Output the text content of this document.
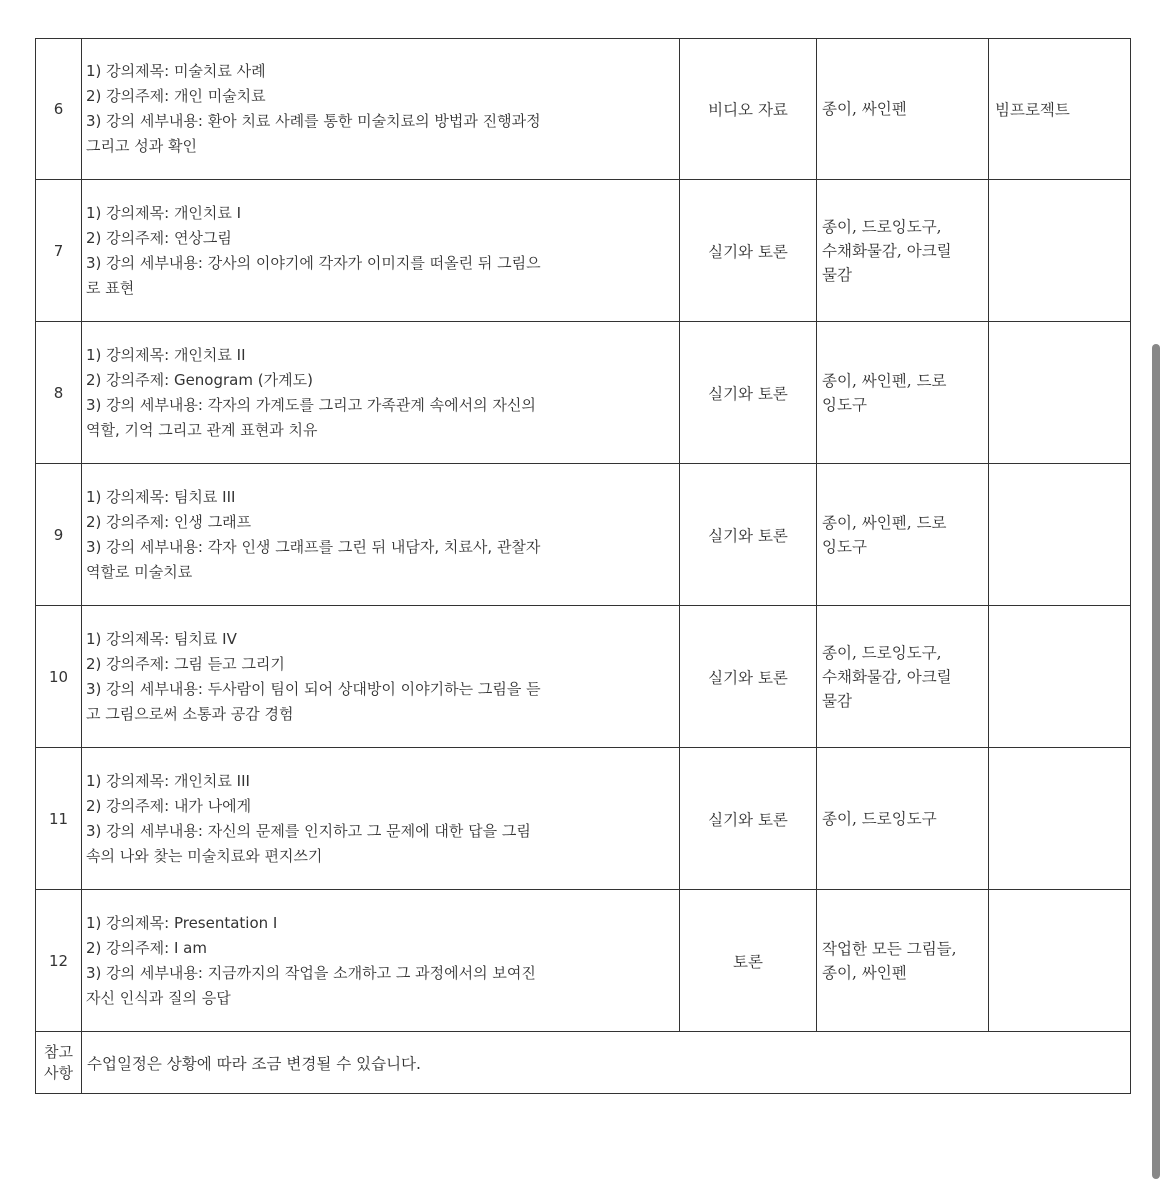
6	1) 강의제목: 미술치료 사례
2) 강의주제: 개인 미술치료
3) 강의 세부내용: 환아 치료 사례를 통한 미술치료의 방법과 진행과정
그리고 성과 확인	비디오 자료	종이, 싸인펜	빔프로젝트
7	1) 강의제목: 개인치료 I
2) 강의주제: 연상그림
3) 강의 세부내용: 강사의 이야기에 각자가 이미지를 떠올린 뒤 그림으
로 표현	실기와 토론	종이, 드로잉도구,
수채화물감, 아크릴
물감	

8	1) 강의제목: 개인치료 II
2) 강의주제: Genogram (가계도)
3) 강의 세부내용: 각자의 가계도를 그리고 가족관계 속에서의 자신의
역할, 기억 그리고 관계 표현과 치유	실기와 토론	종이, 싸인펜, 드로
잉도구	

9	1) 강의제목: 팀치료 III
2) 강의주제: 인생 그래프
3) 강의 세부내용: 각자 인생 그래프를 그린 뒤 내담자, 치료사, 관찰자
역할로 미술치료	실기와 토론	종이, 싸인펜, 드로
잉도구	

10	1) 강의제목: 팀치료 IV
2) 강의주제: 그림 듣고 그리기
3) 강의 세부내용: 두사람이 팀이 되어 상대방이 이야기하는 그림을 듣
고 그림으로써 소통과 공감 경험	실기와 토론	종이, 드로잉도구,
수채화물감, 아크릴
물감	

11	1) 강의제목: 개인치료 III
2) 강의주제: 내가 나에게
3) 강의 세부내용: 자신의 문제를 인지하고 그 문제에 대한 답을 그림
속의 나와 찾는 미술치료와 편지쓰기	실기와 토론	종이, 드로잉도구	

12	1) 강의제목: Presentation I
2) 강의주제: I am
3) 강의 세부내용: 지금까지의 작업을 소개하고 그 과정에서의 보여진
자신 인식과 질의 응답	토론	작업한 모든 그림들,
종이, 싸인펜	

참고
사항	수업일정은 상황에 따라 조금 변경될 수 있습니다.			
